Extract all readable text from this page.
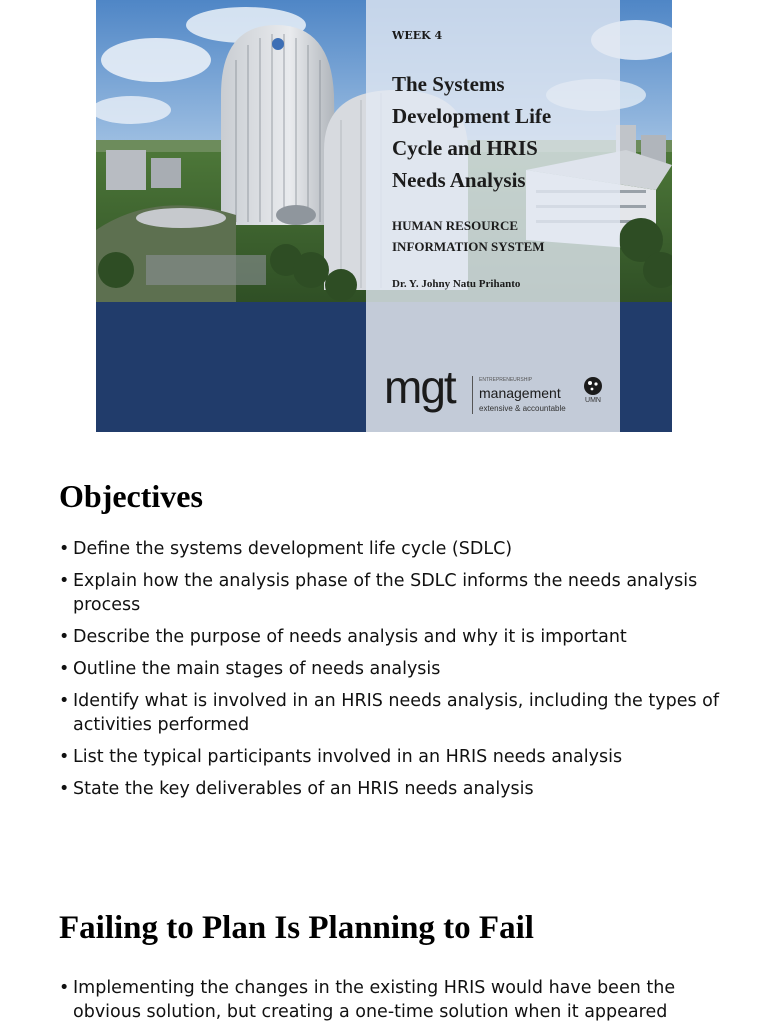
WEEK 4
The Systems
Development Life
Cycle and HRIS
Needs Analysis
HUMAN RESOURCE
INFORMATION SYSTEM
Dr. Y. Johny Natu Prihanto
mgt	ENTREPRENEURSHIP
management
extensive & accountable
UMN
Objectives
• Define the systems development life cycle (SDLC)
• Explain how the analysis phase of the SDLC informs the needs analysis process
• Describe the purpose of needs analysis and why it is important
• Outline the main stages of needs analysis
• Identify what is involved in an HRIS needs analysis, including the types of activities performed
• List the typical participants involved in an HRIS needs analysis
• State the key deliverables of an HRIS needs analysis
Failing to Plan Is Planning to Fail
• Implementing the changes in the existing HRIS would have been the obvious solution, but creating a one-time solution when it appeared
